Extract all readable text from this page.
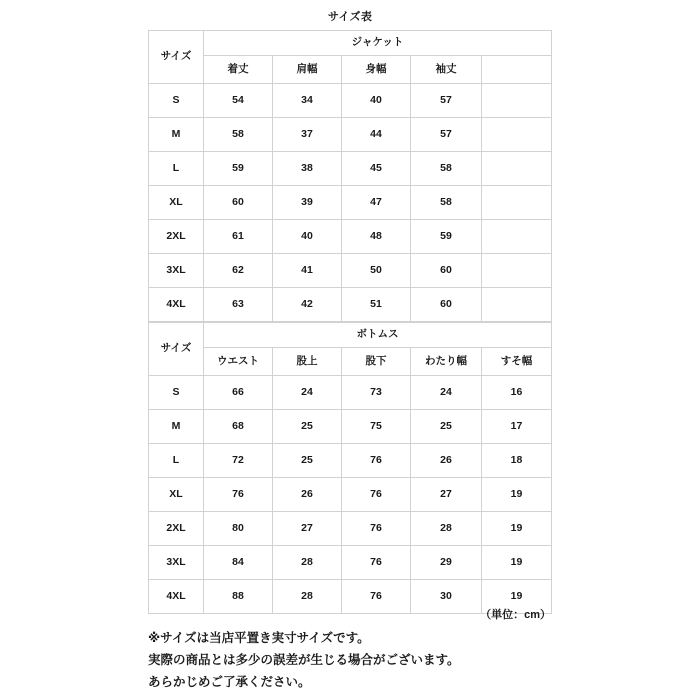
サイズ表
サイズ	ジャケット				
	着丈	肩幅	身幅	袖丈	
S	54	34	40	57	
M	58	37	44	57	
L	59	38	45	58	
XL	60	39	47	58	
2XL	61	40	48	59	
3XL	62	41	50	60	
4XL	63	42	51	60	
サイズ	ボトムス				
	ウエスト	股上	股下	わたり幅	すそ幅
S	66	24	73	24	16
M	68	25	75	25	17
L	72	25	76	26	18
XL	76	26	76	27	19
2XL	80	27	76	28	19
3XL	84	28	76	29	19
4XL	88	28	76	30	19
（単位：cm）
※サイズは当店平置き実寸サイズです。
実際の商品とは多少の誤差が生じる場合がございます。
あらかじめご了承ください。
